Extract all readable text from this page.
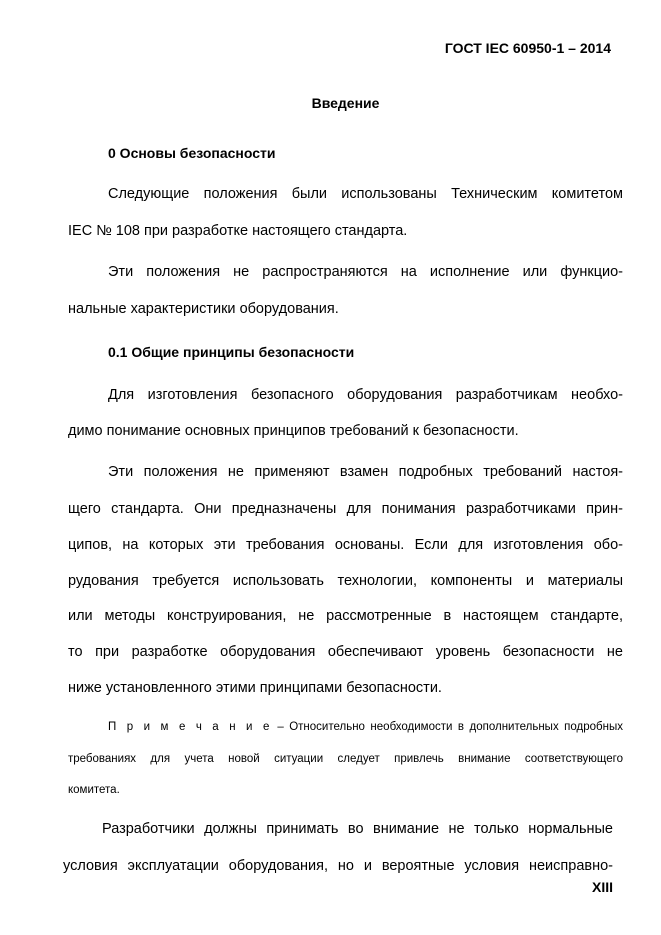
ГОСТ IEC 60950-1 – 2014
Введение
0 Основы безопасности
Следующие положения были использованы Техническим комитетом
IEC № 108 при разработке настоящего стандарта.
Эти положения не распространяются на исполнение или функцио-
нальные характеристики оборудования.
0.1 Общие принципы безопасности
Для изготовления безопасного оборудования разработчикам необхо-
димо понимание основных принципов требований к безопасности.
Эти положения не применяют взамен подробных требований настоя-
щего стандарта. Они предназначены для понимания разработчиками прин-
ципов, на которых эти требования основаны. Если для изготовления обо-
рудования требуется использовать технологии, компоненты и материалы
или методы конструирования, не рассмотренные в настоящем стандарте,
то при разработке оборудования обеспечивают уровень безопасности не
ниже установленного этими принципами безопасности.
П р и м е ч а н и е – Относительно необходимости в дополнительных подробных
требованиях для учета новой ситуации следует привлечь внимание соответствующего
комитета.
Разработчики должны принимать во внимание не только нормальные
условия эксплуатации оборудования, но и вероятные условия неисправно-
XIII
